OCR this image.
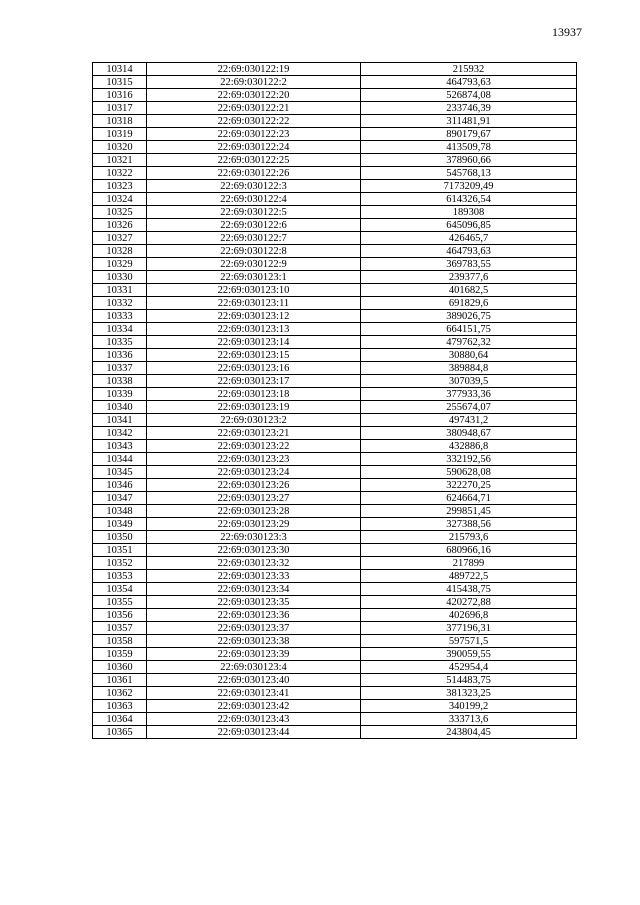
13937
10314	22:69:030122:19	215932
10315	22:69:030122:2	464793,63
10316	22:69:030122:20	526874,08
10317	22:69:030122:21	233746,39
10318	22:69:030122:22	311481,91
10319	22:69:030122:23	890179,67
10320	22:69:030122:24	413509,78
10321	22:69:030122:25	378960,66
10322	22:69:030122:26	545768,13
10323	22:69:030122:3	7173209,49
10324	22:69:030122:4	614326,54
10325	22:69:030122:5	189308
10326	22:69:030122:6	645096,85
10327	22:69:030122:7	426465,7
10328	22:69:030122:8	464793,63
10329	22:69:030122:9	369783,55
10330	22:69:030123:1	239377,6
10331	22:69:030123:10	401682,5
10332	22:69:030123:11	691829,6
10333	22:69:030123:12	389026,75
10334	22:69:030123:13	664151,75
10335	22:69:030123:14	479762,32
10336	22:69:030123:15	30880,64
10337	22:69:030123:16	389884,8
10338	22:69:030123:17	307039,5
10339	22:69:030123:18	377933,36
10340	22:69:030123:19	255674,07
10341	22:69:030123:2	497431,2
10342	22:69:030123:21	380948,67
10343	22:69:030123:22	432886,8
10344	22:69:030123:23	332192,56
10345	22:69:030123:24	590628,08
10346	22:69:030123:26	322270,25
10347	22:69:030123:27	624664,71
10348	22:69:030123:28	299851,45
10349	22:69:030123:29	327388,56
10350	22:69:030123:3	215793,6
10351	22:69:030123:30	680966,16
10352	22:69:030123:32	217899
10353	22:69:030123:33	489722,5
10354	22:69:030123:34	415438,75
10355	22:69:030123:35	420272,88
10356	22:69:030123:36	402696,8
10357	22:69:030123:37	377196,31
10358	22:69:030123:38	597571,5
10359	22:69:030123:39	390059,55
10360	22:69:030123:4	452954,4
10361	22:69:030123:40	514483,75
10362	22:69:030123:41	381323,25
10363	22:69:030123:42	340199,2
10364	22:69:030123:43	333713,6
10365	22:69:030123:44	243804,45
